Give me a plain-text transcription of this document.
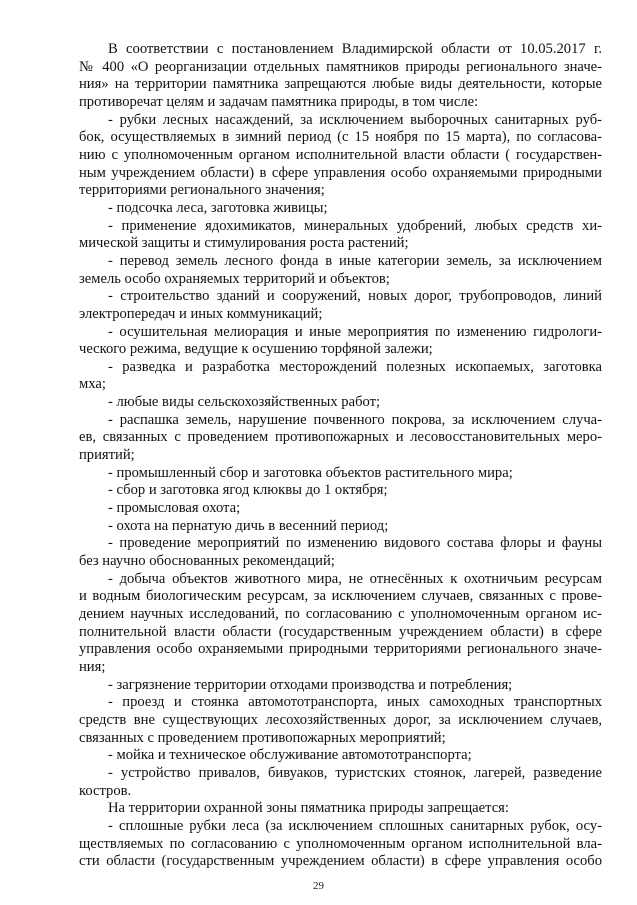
В соответствии с постановлением Владимирской области от 10.05.2017 г.
№ 400 «О реорганизации отдельных памятников природы регионального значе-
ния» на территории памятника запрещаются любые виды деятельности, которые
противоречат целям и задачам памятника природы, в том числе:
- рубки лесных насаждений, за исключением выборочных санитарных руб-
бок, осуществляемых в зимний период (с 15 ноября по 15 марта), по согласова-
нию с уполномоченным органом исполнительной власти области ( государствен-
ным учреждением области) в сфере управления особо охраняемыми природными
территориями регионального значения;
- подсочка леса, заготовка живицы;
- применение ядохимикатов, минеральных удобрений, любых средств хи-
мической защиты и стимулирования роста растений;
- перевод земель лесного фонда в иные категории земель, за исключением
земель особо охраняемых территорий и объектов;
- строительство зданий и сооружений, новых дорог, трубопроводов, линий
электропередач и иных коммуникаций;
- осушительная мелиорация и иные мероприятия по изменению гидрологи-
ческого режима, ведущие к осушению торфяной залежи;
- разведка и разработка месторождений полезных ископаемых, заготовка
мха;
- любые виды сельскохозяйственных работ;
- распашка земель, нарушение почвенного покрова, за исключением случа-
ев, связанных с проведением противопожарных и лесовосстановительных меро-
приятий;
- промышленный сбор и заготовка объектов растительного мира;
- сбор и заготовка ягод клюквы до 1 октября;
- промысловая охота;
- охота на пернатую дичь в весенний период;
- проведение мероприятий по изменению видового состава флоры и фауны
без научно обоснованных рекомендаций;
- добыча объектов животного мира, не отнесённых к охотничьим ресурсам
и водным биологическим ресурсам, за исключением случаев, связанных с прове-
дением научных исследований, по согласованию с уполномоченным органом ис-
полнительной власти области (государственным учреждением области) в сфере
управления особо охраняемыми природными территориями регионального значе-
ния;
- загрязнение территории отходами производства и потребления;
- проезд и стоянка автомототранспорта, иных самоходных транспортных
средств вне существующих лесохозяйственных дорог, за исключением случаев,
связанных с проведением противопожарных мероприятий;
- мойка и техническое обслуживание автомототранспорта;
- устройство привалов, бивуаков, туристских стоянок, лагерей, разведение
костров.
На территории охранной зоны пяматника природы запрещается:
- сплошные рубки леса (за исключением сплошных санитарных рубок, осу-
ществляемых по согласованию с уполномоченным органом исполнительной вла-
сти области (государственным учреждением области) в сфере управления особо
29
